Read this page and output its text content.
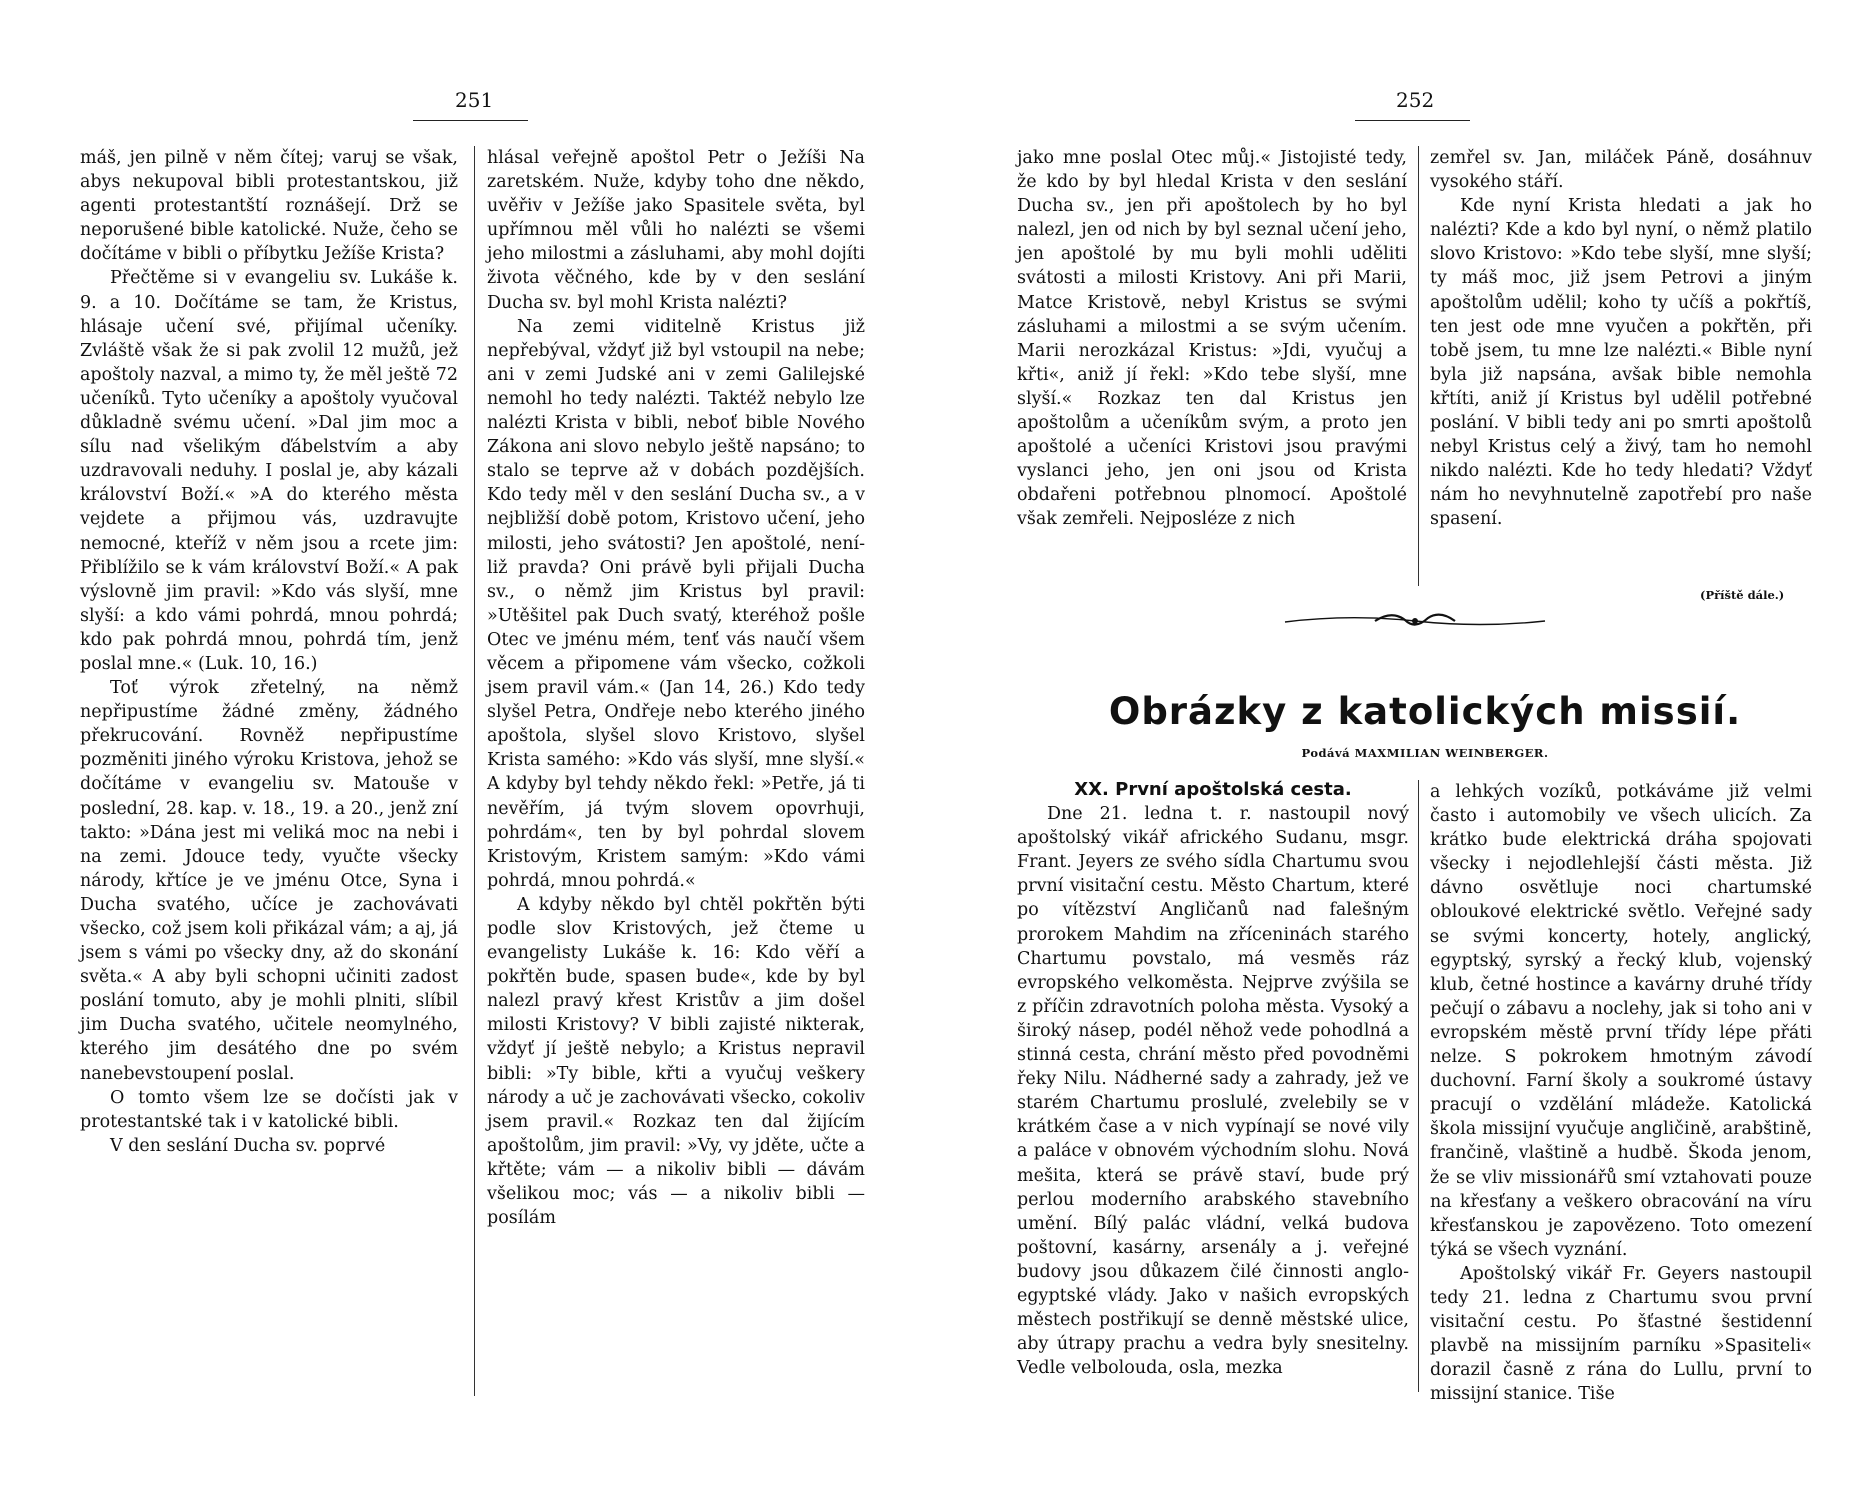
251

máš, jen pilně v něm čítej; varuj se však, abys nekupoval bibli protestantskou, již agenti protestantští roznášejí. Drž se neporušené bible katolické. Nuže, čeho se dočítáme v bibli o příbytku Ježíše Krista?

Přečtěme si v evangeliu sv. Lukáše k. 9. a 10. Dočítáme se tam, že Kristus, hlásaje učení své, přijímal učeníky. Zvláště však že si pak zvolil 12 mužů, jež apoštoly nazval, a mimo ty, že měl ještě 72 učeníků. Tyto učeníky a apoštoly vyučoval důkladně svému učení. »Dal jim moc a sílu nad všelikým ďábelstvím a aby uzdravovali neduhy. I poslal je, aby kázali království Boží.« »A do kterého města vejdete a přijmou vás, uzdravujte nemocné, kteříž v něm jsou a rcete jim: Přiblížilo se k vám království Boží.« A pak výslovně jim pravil: »Kdo vás slyší, mne slyší: a kdo vámi pohrdá, mnou pohrdá; kdo pak pohrdá mnou, pohrdá tím, jenž poslal mne.« (Luk. 10, 16.)

Toť výrok zřetelný, na němž nepřipustíme žádné změny, žádného překrucování. Rovněž nepřipustíme pozměniti jiného výroku Kristova, jehož se dočítáme v evangeliu sv. Matouše v poslední, 28. kap. v. 18., 19. a 20., jenž zní takto: »Dána jest mi veliká moc na nebi i na zemi. Jdouce tedy, vyučte všecky národy, křtíce je ve jménu Otce, Syna i Ducha svatého, učíce je zachovávati všecko, což jsem koli přikázal vám; a aj, já jsem s vámi po všecky dny, až do skonání světa.« A aby byli schopni učiniti zadost poslání tomuto, aby je mohli plniti, slíbil jim Ducha svatého, učitele neomylného, kterého jim desátého dne po svém nanebevstoupení poslal.

O tomto všem lze se dočísti jak v protestantské tak i v katolické bibli.

V den seslání Ducha sv. poprvé

hlásal veřejně apoštol Petr o Ježíši Na zaretském. Nuže, kdyby toho dne někdo, uvěřiv v Ježíše jako Spasitele světa, byl upřímnou měl vůli ho nalézti se všemi jeho milostmi a zásluhami, aby mohl dojíti života věčného, kde by v den seslání Ducha sv. byl mohl Krista nalézti?

Na zemi viditelně Kristus již nepřebýval, vždyť již byl vstoupil na nebe; ani v zemi Judské ani v zemi Galilejské nemohl ho tedy nalézti. Taktéž nebylo lze nalézti Krista v bibli, neboť bible Nového Zákona ani slovo nebylo ještě napsáno; to stalo se teprve až v dobách pozdějších. Kdo tedy měl v den seslání Ducha sv., a v nejbližší době potom, Kristovo učení, jeho milosti, jeho svátosti? Jen apoštolé, není-liž pravda? Oni právě byli přijali Ducha sv., o němž jim Kristus byl pravil: »Utěšitel pak Duch svatý, kteréhož pošle Otec ve jménu mém, tenť vás naučí všem věcem a připomene vám všecko, cožkoli jsem pravil vám.« (Jan 14, 26.) Kdo tedy slyšel Petra, Ondřeje nebo kterého jiného apoštola, slyšel slovo Kristovo, slyšel Krista samého: »Kdo vás slyší, mne slyší.« A kdyby byl tehdy někdo řekl: »Petře, já ti nevěřím, já tvým slovem opovrhuji, pohrdám«, ten by byl pohrdal slovem Kristovým, Kristem samým: »Kdo vámi pohrdá, mnou pohrdá.«

A kdyby někdo byl chtěl pokřtěn býti podle slov Kristových, jež čteme u evangelisty Lukáše k. 16: Kdo věří a pokřtěn bude, spasen bude«, kde by byl nalezl pravý křest Kristův a jim došel milosti Kristovy? V bibli zajisté nikterak, vždyť jí ještě nebylo; a Kristus nepravil bibli: »Ty bible, křti a vyučuj veškery národy a uč je zachovávati všecko, cokoliv jsem pravil.« Rozkaz ten dal žijícím apoštolům, jim pravil: »Vy, vy jděte, učte a křtěte; vám — a nikoliv bibli — dávám všelikou moc; vás — a nikoliv bibli — posílám

252

jako mne poslal Otec můj.« Jistojisté tedy, že kdo by byl hledal Krista v den seslání Ducha sv., jen při apoštolech by ho byl nalezl, jen od nich by byl seznal učení jeho, jen apoštolé by mu byli mohli uděliti svátosti a milosti Kristovy. Ani při Marii, Matce Kristově, nebyl Kristus se svými zásluhami a milostmi a se svým učením. Marii nerozkázal Kristus: »Jdi, vyučuj a křti«, aniž jí řekl: »Kdo tebe slyší, mne slyší.« Rozkaz ten dal Kristus jen apoštolům a učeníkům svým, a proto jen apoštolé a učeníci Kristovi jsou pravými vyslanci jeho, jen oni jsou od Krista obdařeni potřebnou plnomocí. Apoštolé však zemřeli. Nejposléze z nich

zemřel sv. Jan, miláček Páně, dosáhnuv vysokého stáří.

Kde nyní Krista hledati a jak ho nalézti? Kde a kdo byl nyní, o němž platilo slovo Kristovo: »Kdo tebe slyší, mne slyší; ty máš moc, již jsem Petrovi a jiným apoštolům udělil; koho ty učíš a pokřtíš, ten jest ode mne vyučen a pokřtěn, při tobě jsem, tu mne lze nalézti.« Bible nyní byla již napsána, avšak bible nemohla křtíti, aniž jí Kristus byl udělil potřebné poslání. V bibli tedy ani po smrti apoštolů nebyl Kristus celý a živý, tam ho nemohl nikdo nalézti. Kde ho tedy hledati? Vždyť nám ho nevyhnutelně zapotřebí pro naše spasení.

(Příště dále.)
Obrázky z katolických missií.
Podává MAXMILIAN WEINBERGER.

XX. První apoštolská cesta.

Dne 21. ledna t. r. nastoupil nový apoštolský vikář afrického Sudanu, msgr. Frant. Jeyers ze svého sídla Chartumu svou první visitační cestu. Město Chartum, které po vítězství Angličanů nad falešným prorokem Mahdim na zříceninách starého Chartumu povstalo, má vesměs ráz evropského velkoměsta. Nejprve zvýšila se z příčin zdravotních poloha města. Vysoký a široký násep, podél něhož vede pohodlná a stinná cesta, chrání město před povodněmi řeky Nilu. Nádherné sady a zahrady, jež ve starém Chartumu proslulé, zvelebily se v krátkém čase a v nich vypínají se nové vily a paláce v obnovém východním slohu. Nová mešita, která se právě staví, bude prý perlou moderního arabského stavebního umění. Bílý palác vládní, velká budova poštovní, kasárny, arsenály a j. veřejné budovy jsou důkazem čilé činnosti anglo-egyptské vlády. Jako v našich evropských městech postřikují se denně městské ulice, aby útrapy prachu a vedra byly snesitelny. Vedle velbolouda, osla, mezka

a lehkých vozíků, potkáváme již velmi často i automobily ve všech ulicích. Za krátko bude elektrická dráha spojovati všecky i nejodlehlejší části města. Již dávno osvětluje noci chartumské obloukové elektrické světlo. Veřejné sady se svými koncerty, hotely, anglický, egyptský, syrský a řecký klub, vojenský klub, četné hostince a kavárny druhé třídy pečují o zábavu a noclehy, jak si toho ani v evropském městě první třídy lépe přáti nelze. S pokrokem hmotným závodí duchovní. Farní školy a soukromé ústavy pracují o vzdělání mládeže. Katolická škola missijní vyučuje angličině, arabštině, frančině, vlaštině a hudbě. Škoda jenom, že se vliv missionářů smí vztahovati pouze na křesťany a veškero obracování na víru křesťanskou je zapovězeno. Toto omezení týká se všech vyznání.

Apoštolský vikář Fr. Geyers nastoupil tedy 21. ledna z Chartumu svou první visitační cestu. Po šťastné šestidenní plavbě na missijním parníku »Spasiteli« dorazil časně z rána do Lullu, první to missijní stanice. Tiše
